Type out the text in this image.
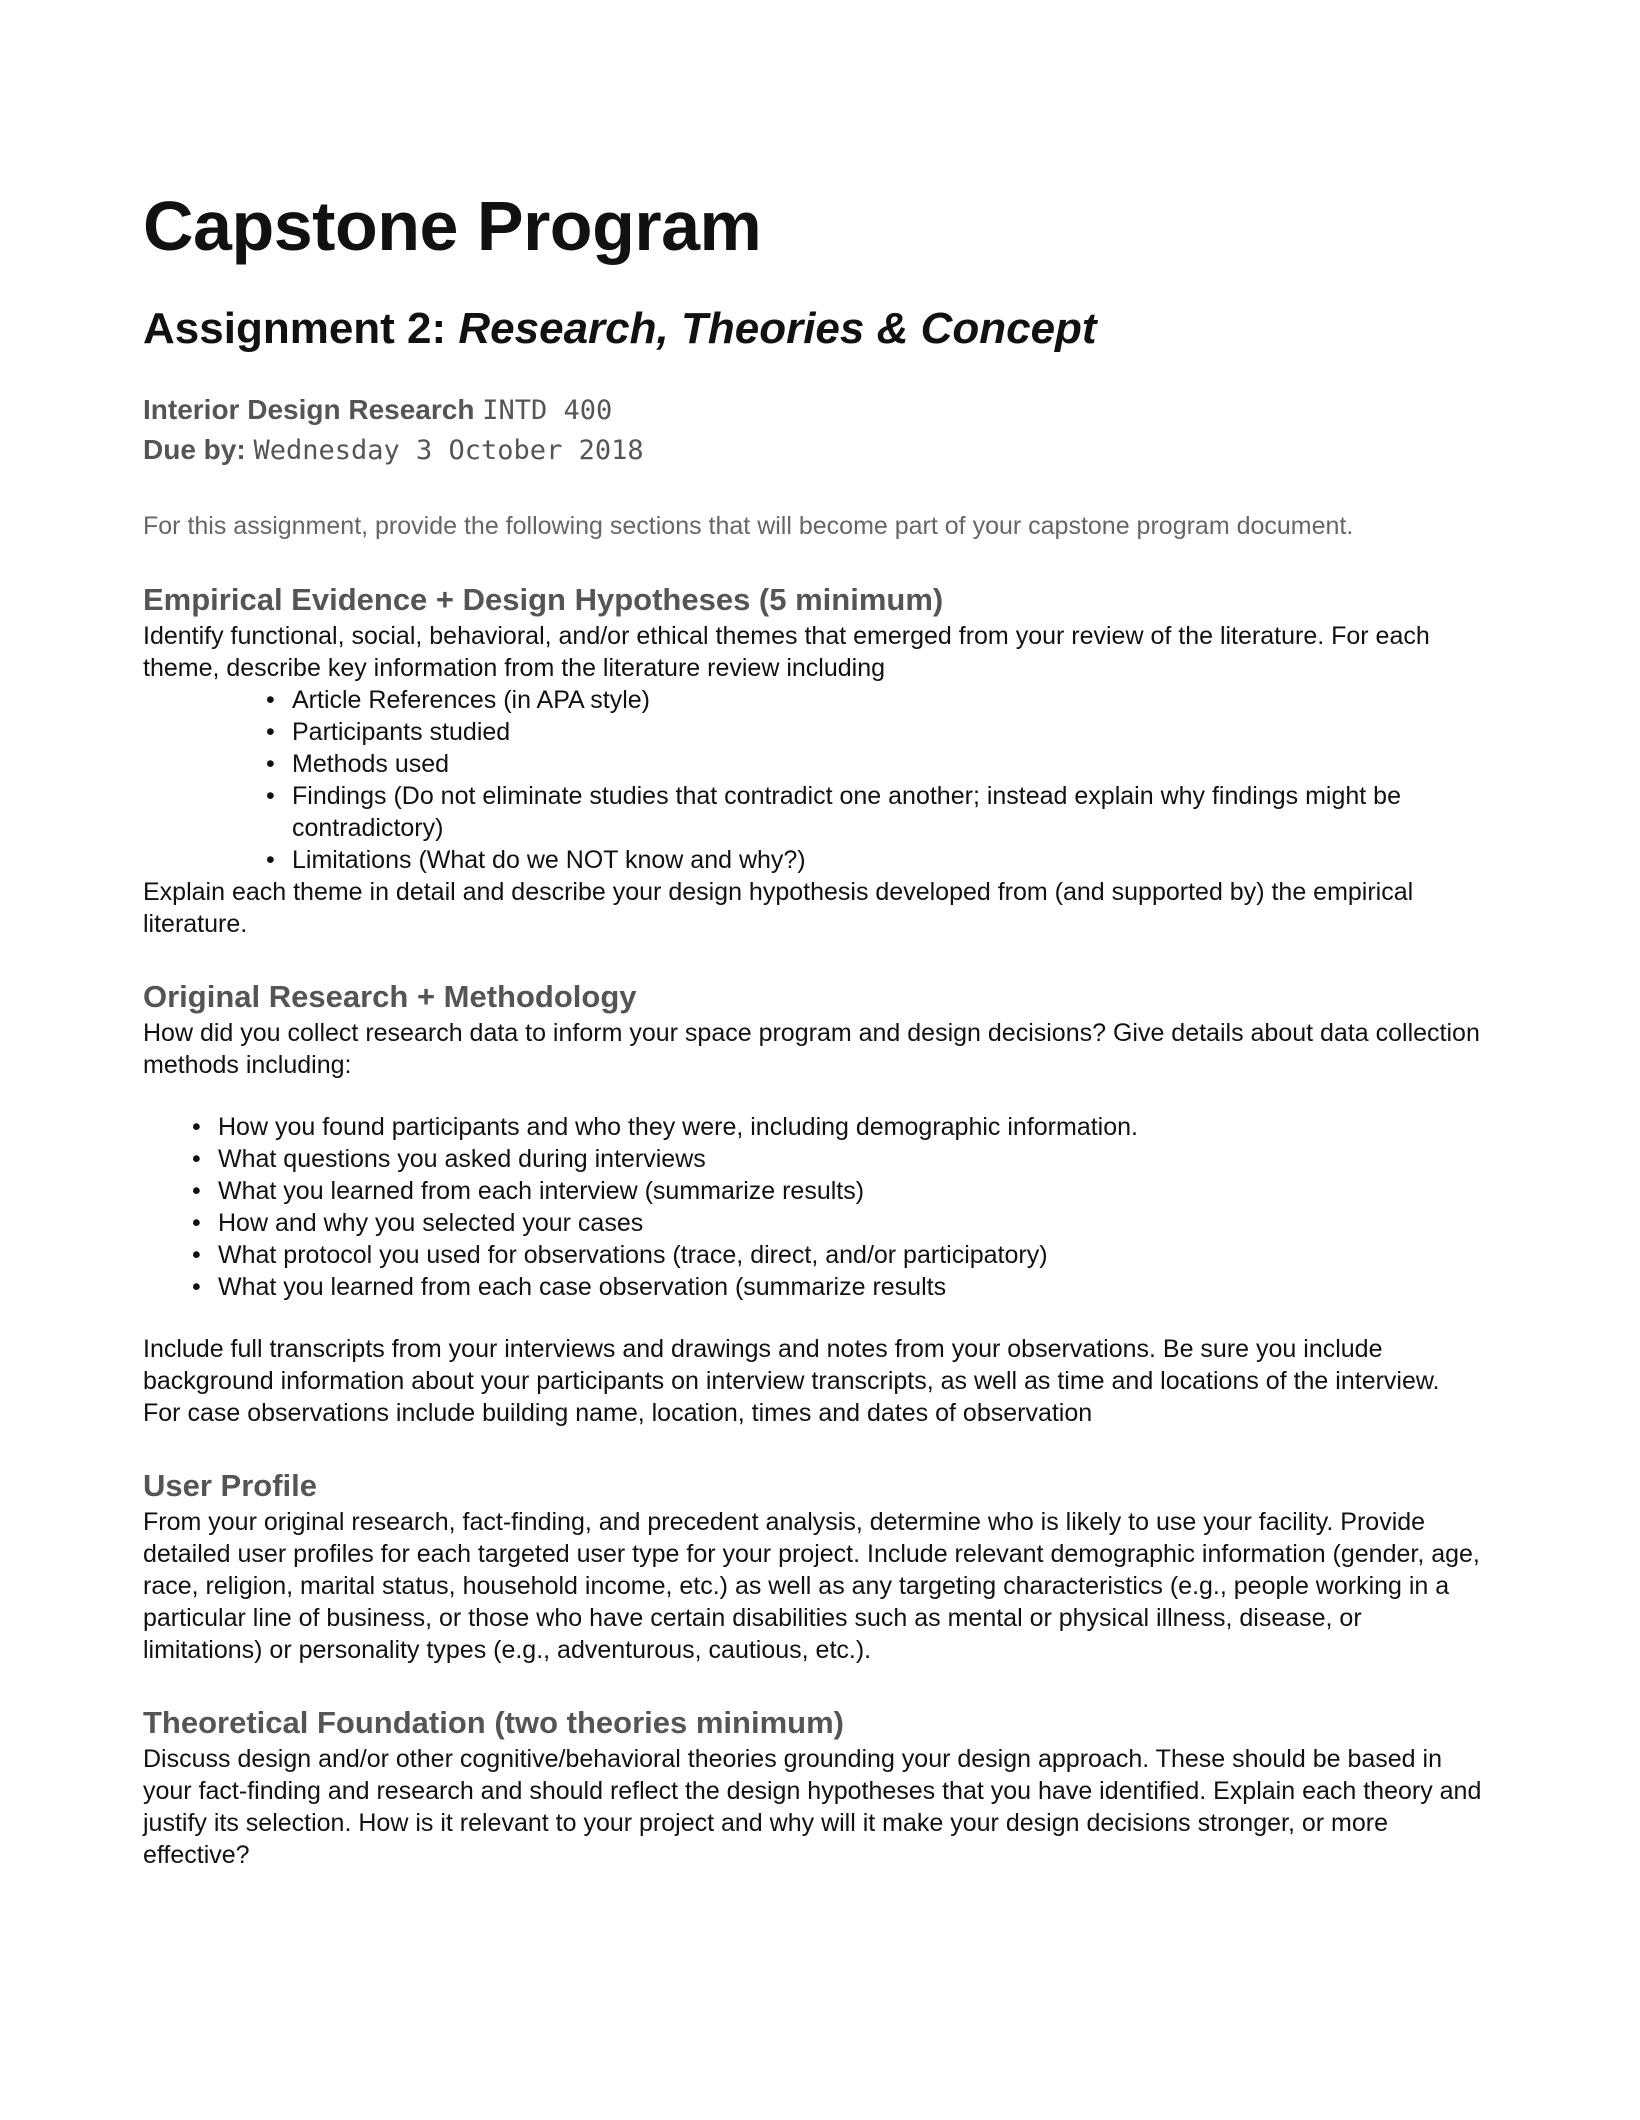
Capstone Program
Assignment 2: Research, Theories & Concept
Interior Design Research INTD 400
Due by: Wednesday 3 October 2018

For this assignment, provide the following sections that will become part of your capstone program document.

Empirical Evidence + Design Hypotheses (5 minimum)

Identify functional, social, behavioral, and/or ethical themes that emerged from your review of the literature. For each theme, describe key information from the literature review including

• Article References (in APA style)
• Participants studied
• Methods used
• Findings (Do not eliminate studies that contradict one another; instead explain why findings might be contradictory)
• Limitations (What do we NOT know and why?)

Explain each theme in detail and describe your design hypothesis developed from (and supported by) the empirical literature.

Original Research + Methodology

How did you collect research data to inform your space program and design decisions? Give details about data collection methods including:

• How you found participants and who they were, including demographic information.
• What questions you asked during interviews
• What you learned from each interview (summarize results)
• How and why you selected your cases
• What protocol you used for observations (trace, direct, and/or participatory)
• What you learned from each case observation (summarize results

Include full transcripts from your interviews and drawings and notes from your observations. Be sure you include background information about your participants on interview transcripts, as well as time and locations of the interview. For case observations include building name, location, times and dates of observation

User Profile

From your original research, fact-finding, and precedent analysis, determine who is likely to use your facility. Provide detailed user profiles for each targeted user type for your project. Include relevant demographic information (gender, age, race, religion, marital status, household income, etc.) as well as any targeting characteristics (e.g., people working in a particular line of business, or those who have certain disabilities such as mental or physical illness, disease, or limitations) or personality types (e.g., adventurous, cautious, etc.).

Theoretical Foundation (two theories minimum)

Discuss design and/or other cognitive/behavioral theories grounding your design approach. These should be based in your fact-finding and research and should reflect the design hypotheses that you have identified. Explain each theory and justify its selection. How is it relevant to your project and why will it make your design decisions stronger, or more effective?
